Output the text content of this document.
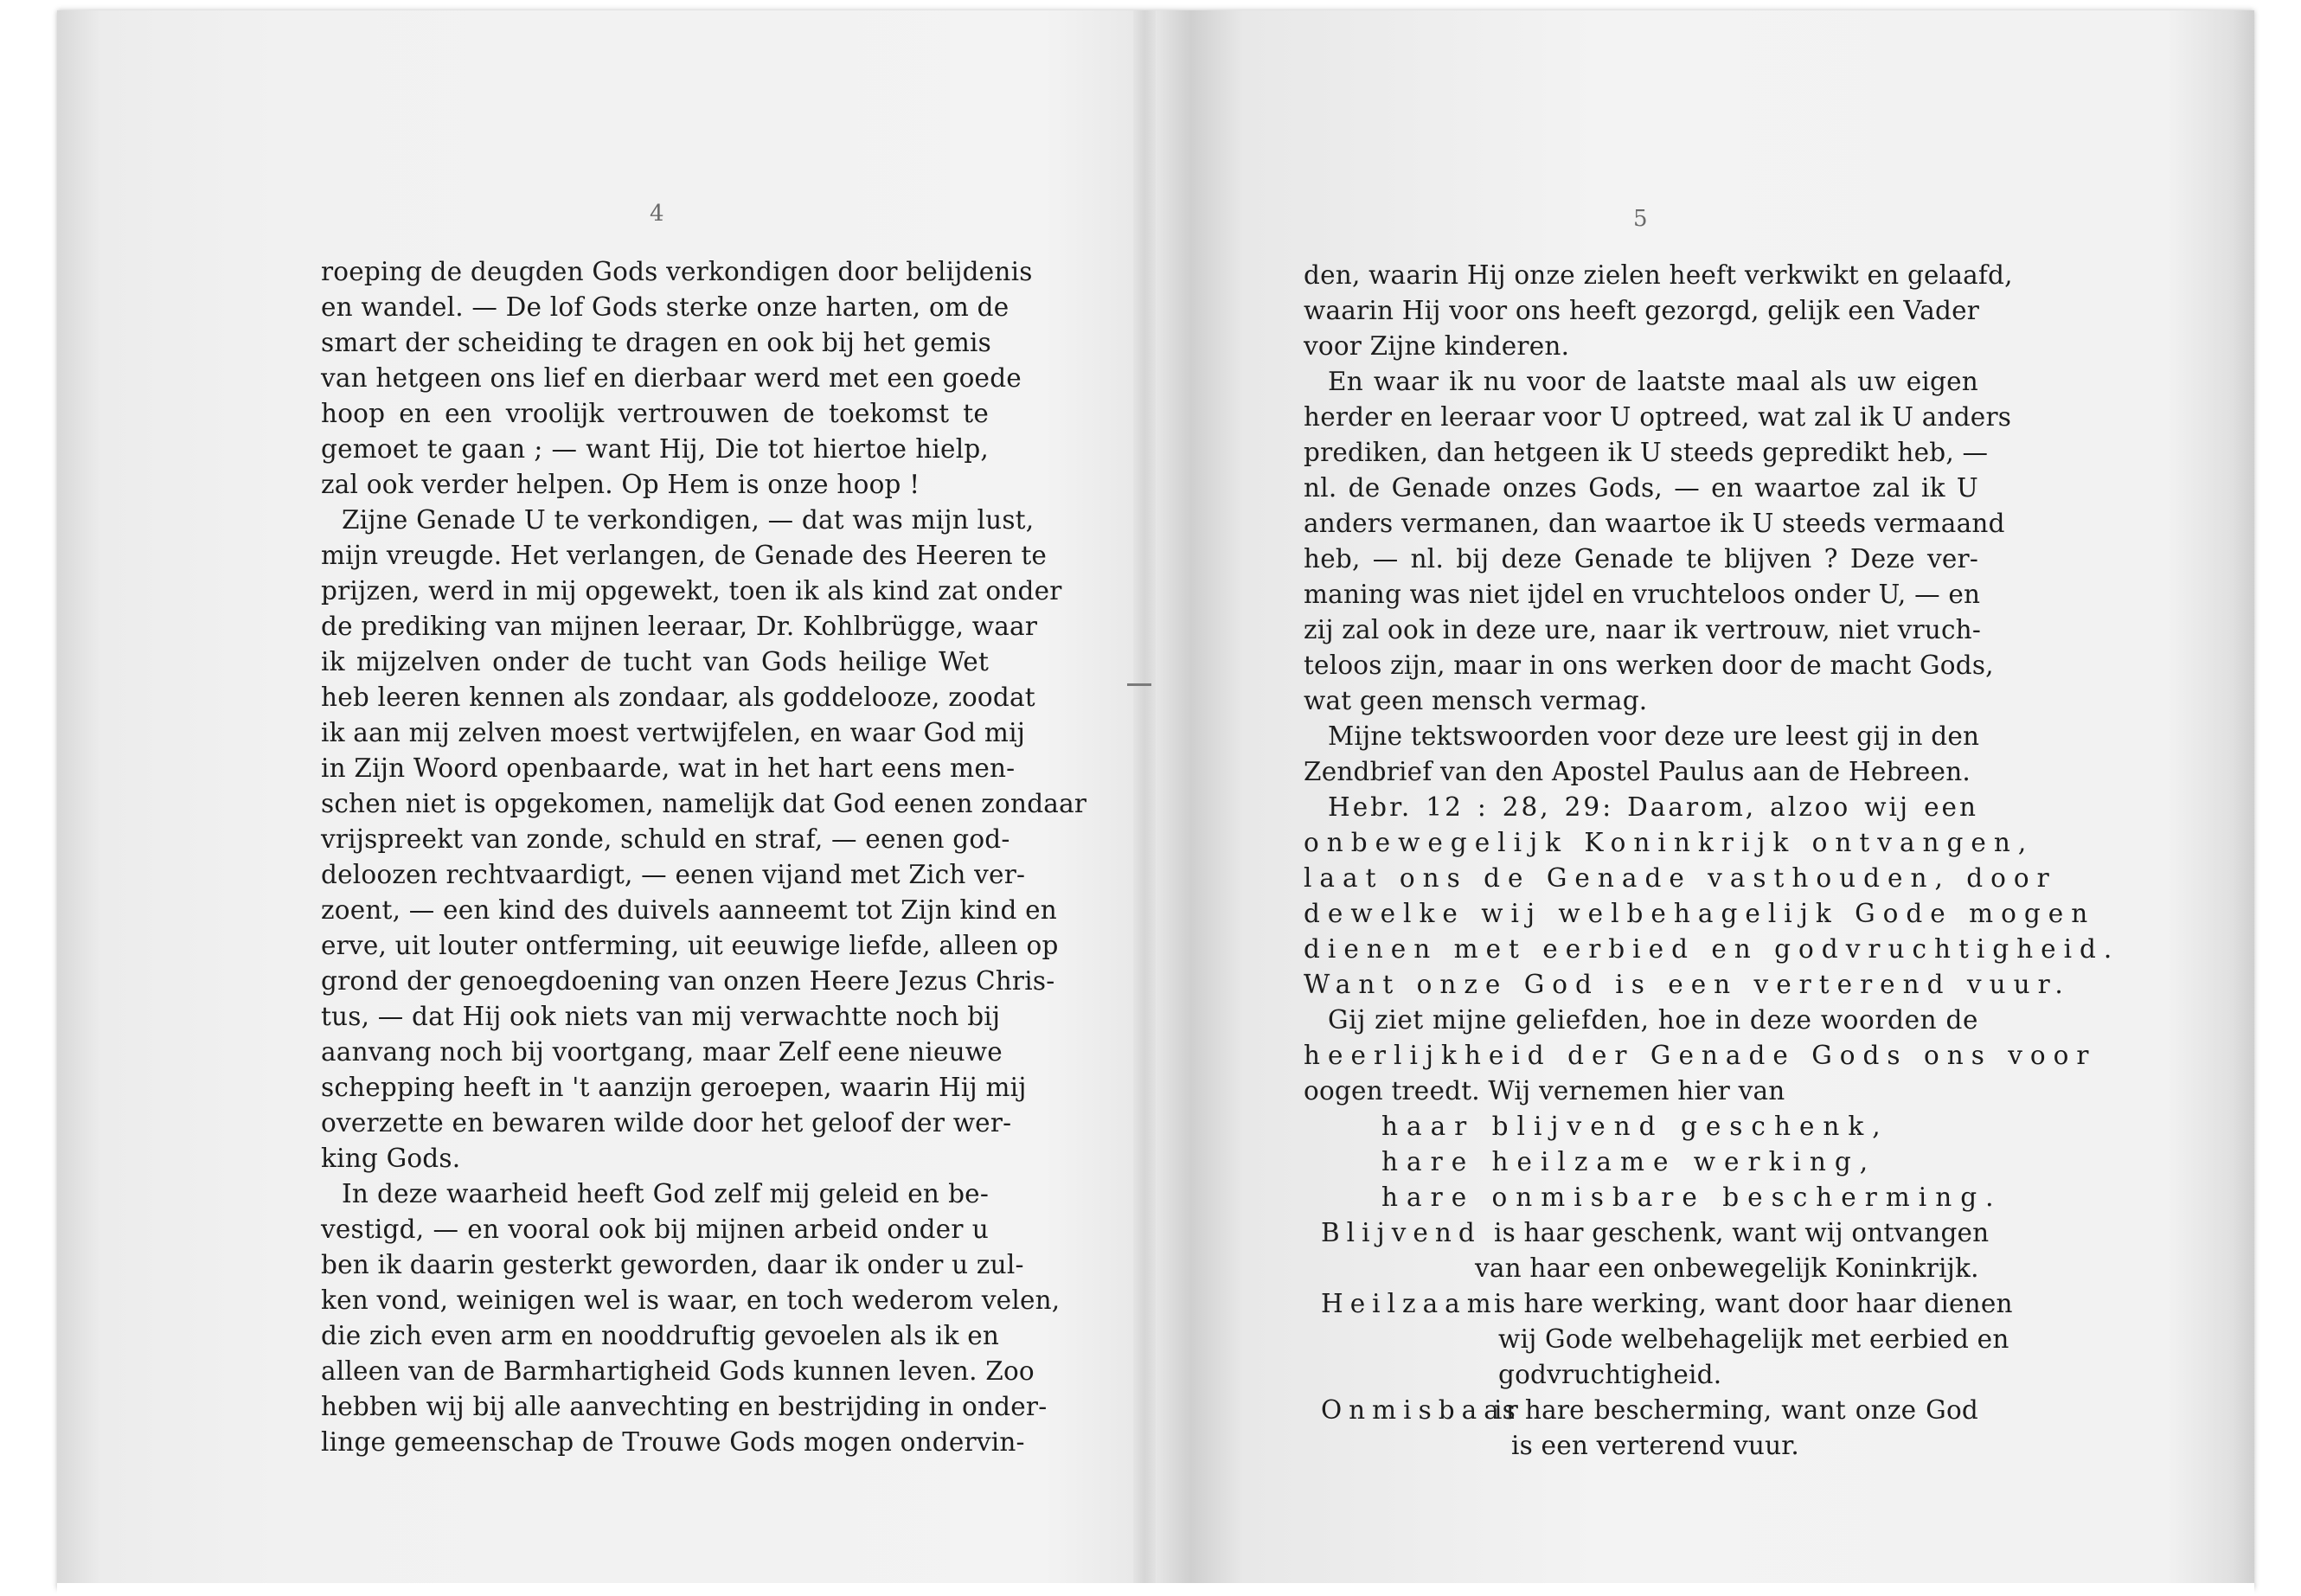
4
roeping de deugden Gods verkondigen door belijdenis
en wandel. — De lof Gods sterke onze harten, om de
smart der scheiding te dragen en ook bij het gemis
van hetgeen ons lief en dierbaar werd met een goede
hoop en een vroolijk vertrouwen de toekomst te
gemoet te gaan ; — want Hij, Die tot hiertoe hielp,
zal ook verder helpen. Op Hem is onze hoop !
Zijne Genade U te verkondigen, — dat was mijn lust,
mijn vreugde. Het verlangen, de Genade des Heeren te
prijzen, werd in mij opgewekt, toen ik als kind zat onder
de prediking van mijnen leeraar, Dr. Kohlbrügge, waar
ik mijzelven onder de tucht van Gods heilige Wet
heb leeren kennen als zondaar, als goddelooze, zoodat
ik aan mij zelven moest vertwijfelen, en waar God mij
in Zijn Woord openbaarde, wat in het hart eens men-
schen niet is opgekomen, namelijk dat God eenen zondaar
vrijspreekt van zonde, schuld en straf, — eenen god-
deloozen rechtvaardigt, — eenen vijand met Zich ver-
zoent, — een kind des duivels aanneemt tot Zijn kind en
erve, uit louter ontferming, uit eeuwige liefde, alleen op
grond der genoegdoening van onzen Heere Jezus Chris-
tus, — dat Hij ook niets van mij verwachtte noch bij
aanvang noch bij voortgang, maar Zelf eene nieuwe
schepping heeft in 't aanzijn geroepen, waarin Hij mij
overzette en bewaren wilde door het geloof der wer-
king Gods.
In deze waarheid heeft God zelf mij geleid en be-
vestigd, — en vooral ook bij mijnen arbeid onder u
ben ik daarin gesterkt geworden, daar ik onder u zul-
ken vond, weinigen wel is waar, en toch wederom velen,
die zich even arm en nooddruftig gevoelen als ik en
alleen van de Barmhartigheid Gods kunnen leven. Zoo
hebben wij bij alle aanvechting en bestrijding in onder-
linge gemeenschap de Trouwe Gods mogen ondervin-
5
den, waarin Hij onze zielen heeft verkwikt en gelaafd,
waarin Hij voor ons heeft gezorgd, gelijk een Vader
voor Zijne kinderen.
En waar ik nu voor de laatste maal als uw eigen
herder en leeraar voor U optreed, wat zal ik U anders
prediken, dan hetgeen ik U steeds gepredikt heb, —
nl. de Genade onzes Gods, — en waartoe zal ik U
anders vermanen, dan waartoe ik U steeds vermaand
heb, — nl. bij deze Genade te blijven ? Deze ver-
maning was niet ijdel en vruchteloos onder U, — en
zij zal ook in deze ure, naar ik vertrouw, niet vruch-
teloos zijn, maar in ons werken door de macht Gods,
wat geen mensch vermag.
Mijne tektswoorden voor deze ure leest gij in den
Zendbrief van den Apostel Paulus aan de Hebreen.
Hebr. 12 : 28, 29: Daarom, alzoo wij een
onbewegelijk Koninkrijk ontvangen,
laat ons de Genade vasthouden, door
dewelke wij welbehagelijk Gode mogen
dienen met eerbied en godvruchtigheid.
Want onze God is een verterend vuur.
Gij ziet mijne geliefden, hoe in deze woorden de
heerlijkheid der Genade Gods ons voor
oogen treedt. Wij vernemen hier van
haar blijvend geschenk,
hare heilzame werking,
hare onmisbare bescherming.
Blijvend is haar geschenk, want wij ontvangen
van haar een onbewegelijk Koninkrijk.
Heilzaam
is hare werking, want door haar dienen
wij Gode welbehagelijk met eerbied en
godvruchtigheid.
Onmisbaar
is hare bescherming, want onze God
is een verterend vuur.
